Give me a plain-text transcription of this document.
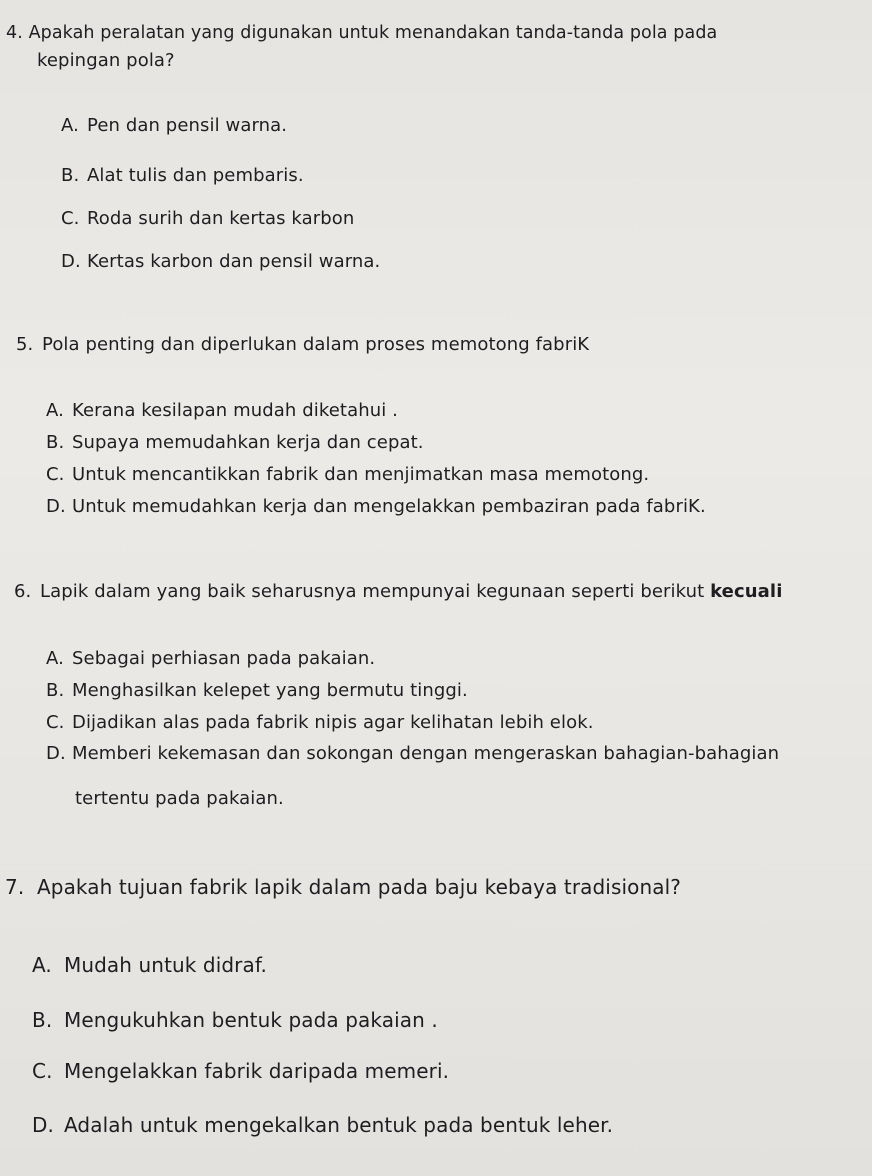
4. Apakah peralatan yang digunakan untuk menandakan tanda-tanda pola pada
kepingan pola?
A. Pen dan pensil warna.
B. Alat tulis dan pembaris.
C. Roda surih dan kertas karbon
D. Kertas karbon dan pensil warna.
5. Pola penting dan diperlukan dalam proses memotong fabriK
A. Kerana kesilapan mudah diketahui .
B. Supaya memudahkan kerja dan cepat.
C. Untuk mencantikkan fabrik dan menjimatkan masa memotong.
D. Untuk memudahkan kerja dan mengelakkan pembaziran pada fabriK.
6. Lapik dalam yang baik seharusnya mempunyai kegunaan seperti berikut kecuali
A. Sebagai perhiasan pada pakaian.
B. Menghasilkan kelepet yang bermutu tinggi.
C. Dijadikan alas pada fabrik nipis agar kelihatan lebih elok.
D. Memberi kekemasan dan sokongan dengan mengeraskan bahagian-bahagian
tertentu pada pakaian.
7. Apakah tujuan fabrik lapik dalam pada baju kebaya tradisional?
A. Mudah untuk didraf.
B. Mengukuhkan bentuk pada pakaian .
C. Mengelakkan fabrik daripada memeri.
D. Adalah untuk mengekalkan bentuk pada bentuk leher.
